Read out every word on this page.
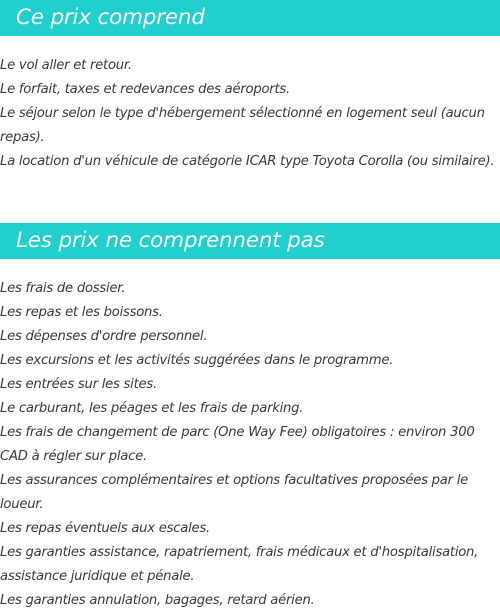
Ce prix comprend
Le vol aller et retour.
Le forfait, taxes et redevances des aéroports.
Le séjour selon le type d'hébergement sélectionné en logement seul (aucun repas).
La location d'un véhicule de catégorie ICAR type Toyota Corolla (ou similaire).
Les prix ne comprennent pas
Les frais de dossier.
Les repas et les boissons.
Les dépenses d'ordre personnel.
Les excursions et les activités suggérées dans le programme.
Les entrées sur les sites.
Le carburant, les péages et les frais de parking.
Les frais de changement de parc (One Way Fee) obligatoires : environ 300 CAD à régler sur place.
Les assurances complémentaires et options facultatives proposées par le loueur.
Les repas éventuels aux escales.
Les garanties assistance, rapatriement, frais médicaux et d'hospitalisation, assistance juridique et pénale.
Les garanties annulation, bagages, retard aérien.
